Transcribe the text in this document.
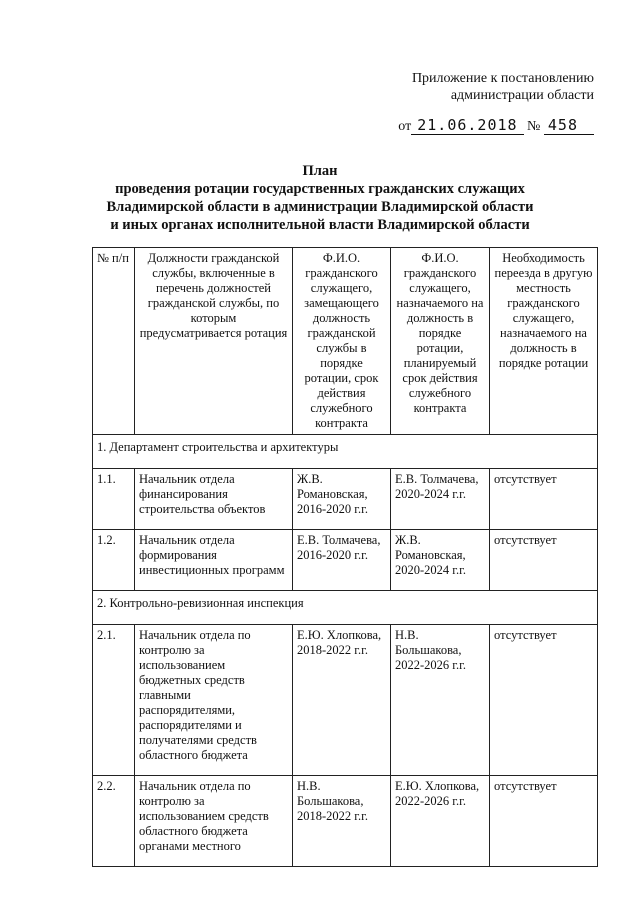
Приложение к постановлению
администрации области
от 21.06.2018 № 458
План
проведения ротации государственных гражданских служащих
Владимирской области в администрации Владимирской области
и иных органах исполнительной власти Владимирской области
№ п/п	Должности гражданской службы, включенные в перечень должностей гражданской службы, по которым предусматривается ротация	Ф.И.О. гражданского служащего, замещающего должность гражданской службы в порядке ротации, срок действия служебного контракта	Ф.И.О. гражданского служащего, назначаемого на должность в порядке ротации, планируемый срок действия служебного контракта	Необходимость переезда в другую местность гражданского служащего, назначаемого на должность в порядке ротации
1. Департамент строительства и архитектуры				
1.1.	Начальник отдела финансирования строительства объектов	Ж.В. Романовская, 2016-2020 г.г.	Е.В. Толмачева, 2020-2024 г.г.	отсутствует
1.2.	Начальник отдела формирования инвестиционных программ	Е.В. Толмачева, 2016-2020 г.г.	Ж.В. Романовская, 2020-2024 г.г.	отсутствует
2. Контрольно-ревизионная инспекция				
2.1.	Начальник отдела по контролю за использованием бюджетных средств главными распорядителями, распорядителями и получателями средств областного бюджета	Е.Ю. Хлопкова, 2018-2022 г.г.	Н.В. Большакова, 2022-2026 г.г.	отсутствует
2.2.	Начальник отдела по контролю за использованием средств областного бюджета органами местного	Н.В. Большакова, 2018-2022 г.г.	Е.Ю. Хлопкова, 2022-2026 г.г.	отсутствует
